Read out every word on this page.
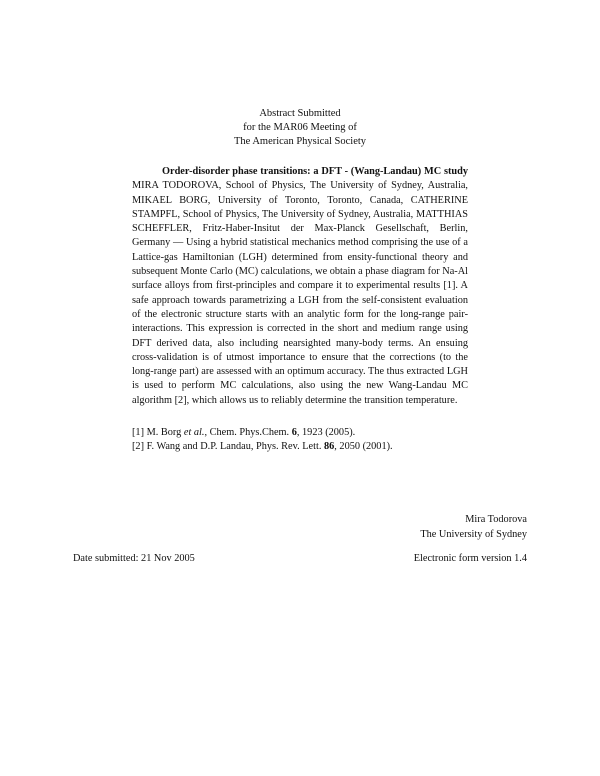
Abstract Submitted
for the MAR06 Meeting of
The American Physical Society
Order-disorder phase transitions: a DFT - (Wang-Landau) MC study MIRA TODOROVA, School of Physics, The University of Sydney, Australia, MIKAEL BORG, University of Toronto, Toronto, Canada, CATHERINE STAMPFL, School of Physics, The University of Sydney, Australia, MATTHIAS SCHEFFLER, Fritz-Haber-Insitut der Max-Planck Gesellschaft, Berlin, Germany — Using a hybrid statistical mechanics method comprising the use of a Lattice-gas Hamiltonian (LGH) determined from ensity-functional theory and subsequent Monte Carlo (MC) calculations, we obtain a phase diagram for Na-Al surface alloys from first-principles and compare it to experimental results [1]. A safe approach towards parametrizing a LGH from the self-consistent evaluation of the electronic structure starts with an analytic form for the long-range pair-interactions. This expression is corrected in the short and medium range using DFT derived data, also including nearsighted many-body terms. An ensuing cross-validation is of utmost importance to ensure that the corrections (to the long-range part) are assessed with an optimum accuracy. The thus extracted LGH is used to perform MC calculations, also using the new Wang-Landau MC algorithm [2], which allows us to reliably determine the transition temperature.
[1] M. Borg et al., Chem. Phys.Chem. 6, 1923 (2005).
[2] F. Wang and D.P. Landau, Phys. Rev. Lett. 86, 2050 (2001).
Mira Todorova
The University of Sydney
Date submitted: 21 Nov 2005	Electronic form version 1.4
